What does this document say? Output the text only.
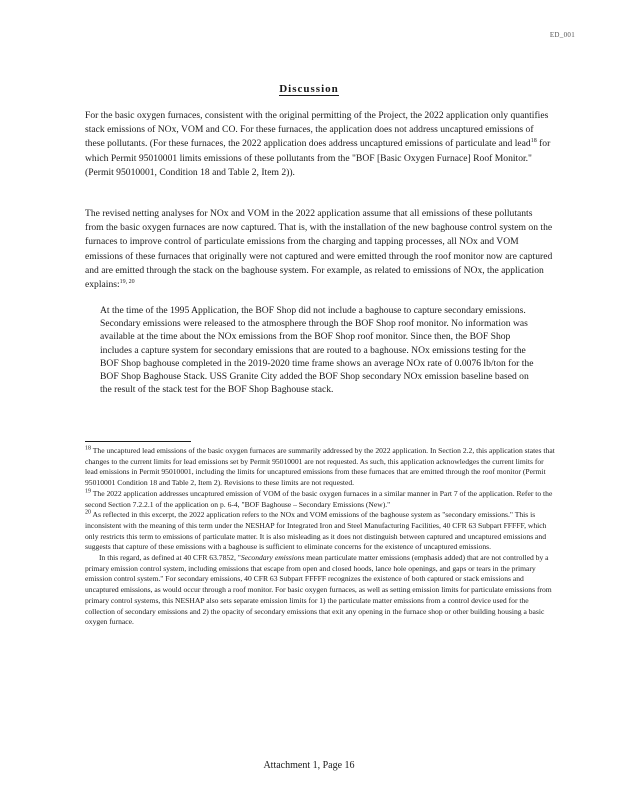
ED_001
Discussion
For the basic oxygen furnaces, consistent with the original permitting of the Project, the 2022 application only quantifies stack emissions of NOx, VOM and CO. For these furnaces, the application does not address uncaptured emissions of these pollutants. (For these furnaces, the 2022 application does address uncaptured emissions of particulate and lead$^{18}$ for which Permit 95010001 limits emissions of these pollutants from the "BOF [Basic Oxygen Furnace] Roof Monitor." (Permit 95010001, Condition 18 and Table 2, Item 2)).
The revised netting analyses for NOx and VOM in the 2022 application assume that all emissions of these pollutants from the basic oxygen furnaces are now captured. That is, with the installation of the new baghouse control system on the furnaces to improve control of particulate emissions from the charging and tapping processes, all NOx and VOM emissions of these furnaces that originally were not captured and were emitted through the roof monitor now are captured and are emitted through the stack on the baghouse system. For example, as related to emissions of NOx, the application explains:$^{19, 20}$
At the time of the 1995 Application, the BOF Shop did not include a baghouse to capture secondary emissions. Secondary emissions were released to the atmosphere through the BOF Shop roof monitor. No information was available at the time about the NOx emissions from the BOF Shop roof monitor. Since then, the BOF Shop includes a capture system for secondary emissions that are routed to a baghouse. NOx emissions testing for the BOF Shop baghouse completed in the 2019-2020 time frame shows an average NOx rate of 0.0076 lb/ton for the BOF Shop Baghouse Stack. USS Granite City added the BOF Shop secondary NOx emission baseline based on the result of the stack test for the BOF Shop Baghouse stack.

$^{18}$ The uncaptured lead emissions of the basic oxygen furnaces are summarily addressed by the 2022 application. In Section 2.2, this application states that changes to the current limits for lead emissions set by Permit 95010001 are not requested. As such, this application acknowledges the current limits for lead emissions in Permit 95010001, including the limits for uncaptured emissions from these furnaces that are emitted through the roof monitor (Permit 95010001 Condition 18 and Table 2, Item 2). Revisions to these limits are not requested.

$^{19}$ The 2022 application addresses uncaptured emission of VOM of the basic oxygen furnaces in a similar manner in Part 7 of the application. Refer to the second Section 7.2.2.1 of the application on p. 6-4, "BOF Baghouse – Secondary Emissions (New)."

$^{20}$ As reflected in this excerpt, the 2022 application refers to the NOx and VOM emissions of the baghouse system as "secondary emissions." This is inconsistent with the meaning of this term under the NESHAP for Integrated Iron and Steel Manufacturing Facilities, 40 CFR 63 Subpart FFFFF, which only restricts this term to emissions of particulate matter. It is also misleading as it does not distinguish between captured and uncaptured emissions and suggests that capture of these emissions with a baghouse is sufficient to eliminate concerns for the existence of uncaptured emissions.

In this regard, as defined at 40 CFR 63.7852, "Secondary emissions mean particulate matter emissions (emphasis added) that are not controlled by a primary emission control system, including emissions that escape from open and closed hoods, lance hole openings, and gaps or tears in the primary emission control system." For secondary emissions, 40 CFR 63 Subpart FFFFF recognizes the existence of both captured or stack emissions and uncaptured emissions, as would occur through a roof monitor. For basic oxygen furnaces, as well as setting emission limits for particulate emissions from primary control systems, this NESHAP also sets separate emission limits for 1) the particulate matter emissions from a control device used for the collection of secondary emissions and 2) the opacity of secondary emissions that exit any opening in the furnace shop or other building housing a basic oxygen furnace.

Attachment 1, Page 16
